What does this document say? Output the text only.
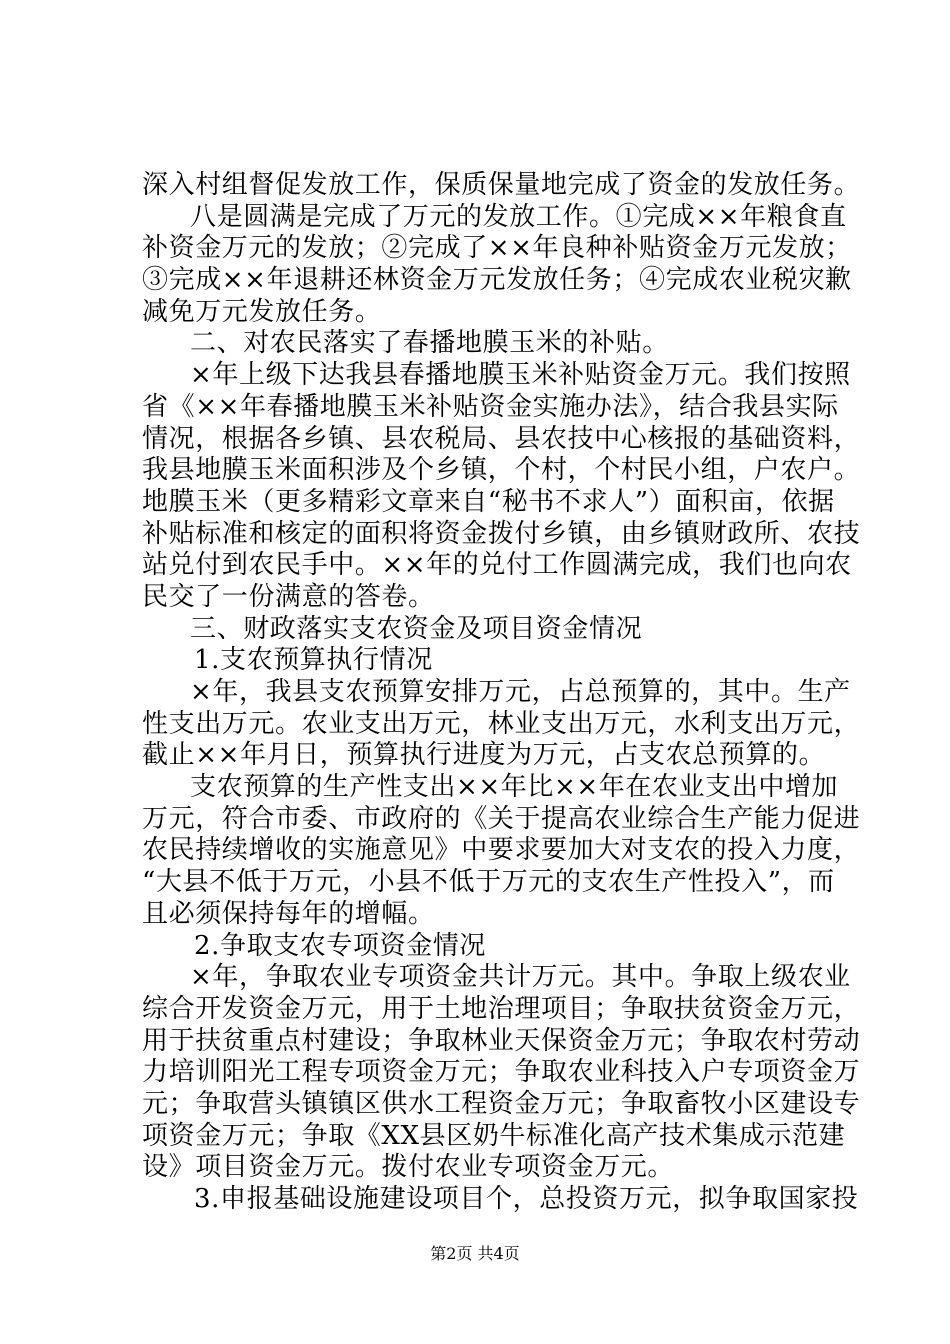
深入村组督促发放工作，保质保量地完成了资金的发放任务。
八是圆满是完成了万元的发放工作。①完成××年粮食直
补资金万元的发放；②完成了××年良种补贴资金万元发放；
③完成××年退耕还林资金万元发放任务；④完成农业税灾歉
减免万元发放任务。
二、对农民落实了春播地膜玉米的补贴。
×年上级下达我县春播地膜玉米补贴资金万元。我们按照
省《××年春播地膜玉米补贴资金实施办法》，结合我县实际
情况，根据各乡镇、县农税局、县农技中心核报的基础资料，
我县地膜玉米面积涉及个乡镇，个村，个村民小组，户农户。
地膜玉米（更多精彩文章来自“秘书不求人”）面积亩，依据
补贴标准和核定的面积将资金拨付乡镇，由乡镇财政所、农技
站兑付到农民手中。××年的兑付工作圆满完成，我们也向农
民交了一份满意的答卷。
三、财政落实支农资金及项目资金情况
1.支农预算执行情况
×年，我县支农预算安排万元，占总预算的，其中。生产
性支出万元。农业支出万元，林业支出万元，水利支出万元，
截止××年月日，预算执行进度为万元，占支农总预算的。
支农预算的生产性支出××年比××年在农业支出中增加
万元，符合市委、市政府的《关于提高农业综合生产能力促进
农民持续增收的实施意见》中要求要加大对支农的投入力度，
“大县不低于万元，小县不低于万元的支农生产性投入”，而
且必须保持每年的增幅。
2.争取支农专项资金情况
×年，争取农业专项资金共计万元。其中。争取上级农业
综合开发资金万元，用于土地治理项目；争取扶贫资金万元，
用于扶贫重点村建设；争取林业天保资金万元；争取农村劳动
力培训阳光工程专项资金万元；争取农业科技入户专项资金万
元；争取营头镇镇区供水工程资金万元；争取畜牧小区建设专
项资金万元；争取《XX县区奶牛标准化高产技术集成示范建
设》项目资金万元。拨付农业专项资金万元。
3.申报基础设施建设项目个，总投资万元，拟争取国家投
第2页 共4页
